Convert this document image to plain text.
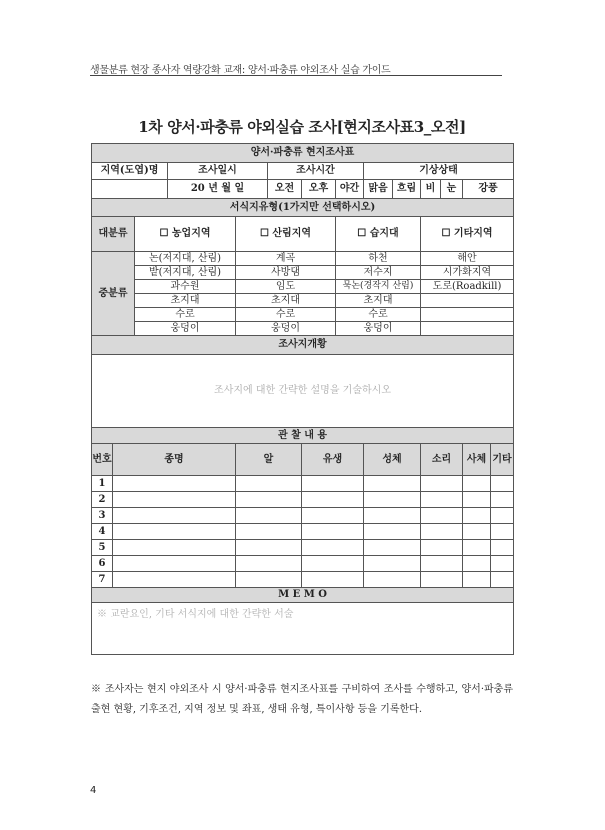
생물분류 현장 종사자 역량강화 교재: 양서·파충류 야외조사 실습 가이드
1차 양서·파충류 야외실습 조사[현지조사표3_오전]
양서·파충류 현지조사표													
지역(도엽)명			조사일시		조사시간			기상상태					
			20 년 월 일		오전	오후	야간	맑음	흐림	비	눈	강풍	
서식지유형(1가지만 선택하시오)													
대분류		☐ 농업지역		☐ 산림지역			☐ 습지대			☐ 기타지역			
중분류		논(저지대, 산림)		계곡			하천			해안			
		밭(저지대, 산림)		사방댐			저수지			시가화지역			
		과수원		임도			묵논(경작지 산림)			도로(Roadkill)			
		초지대		초지대			초지대						
		수로		수로			수로						
		웅덩이		웅덩이			웅덩이						
조사지개황													
조사지에 대한 간략한 설명을 기술하시오													
관 찰 내 용													
번호	종명			알		유생		성체		소리		사체	기타
1													
2													
3													
4													
5													
6													
7													
M E M O													
※ 교란요인, 기타 서식지에 대한 간략한 서술													
※ 조사자는 현지 야외조사 시 양서·파충류 현지조사표를 구비하여 조사를 수행하고, 양서·파충류 출현 현황, 기후조건, 지역 정보 및 좌표, 생태 유형, 특이사항 등을 기록한다.
4
